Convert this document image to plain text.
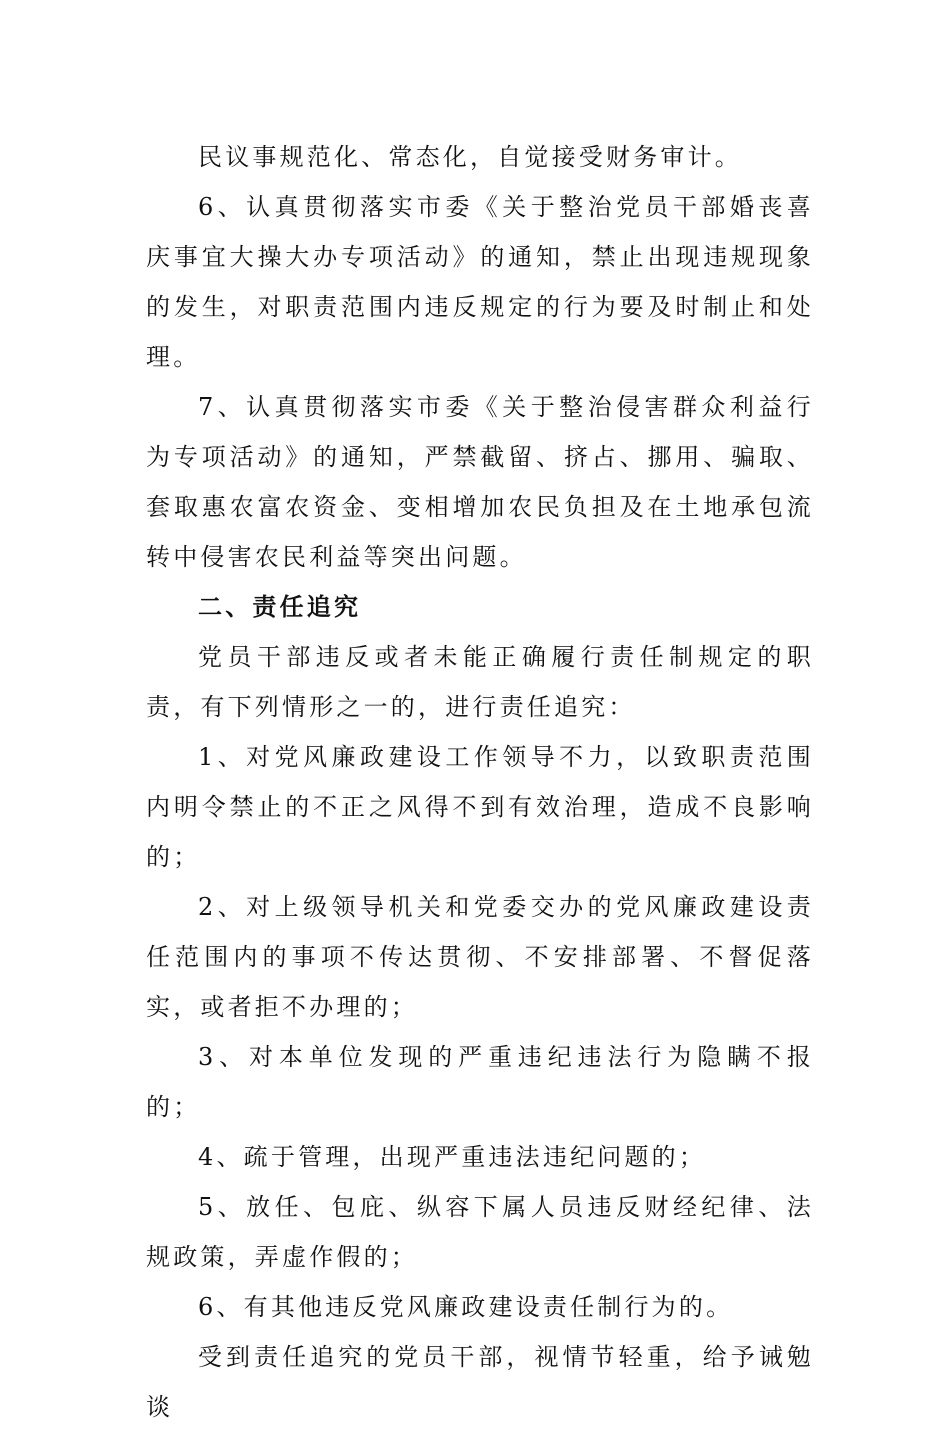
民议事规范化、常态化，自觉接受财务审计。

6、认真贯彻落实市委《关于整治党员干部婚丧喜庆事宜大操大办专项活动》的通知，禁止出现违规现象的发生，对职责范围内违反规定的行为要及时制止和处理。

7、认真贯彻落实市委《关于整治侵害群众利益行为专项活动》的通知，严禁截留、挤占、挪用、骗取、套取惠农富农资金、变相增加农民负担及在土地承包流转中侵害农民利益等突出问题。

二、责任追究

党员干部违反或者未能正确履行责任制规定的职责，有下列情形之一的，进行责任追究：

1、对党风廉政建设工作领导不力，以致职责范围内明令禁止的不正之风得不到有效治理，造成不良影响的；

2、对上级领导机关和党委交办的党风廉政建设责任范围内的事项不传达贯彻、不安排部署、不督促落实，或者拒不办理的；

3、对本单位发现的严重违纪违法行为隐瞒不报的；

4、疏于管理，出现严重违法违纪问题的；

5、放任、包庇、纵容下属人员违反财经纪律、法规政策，弄虚作假的；

6、有其他违反党风廉政建设责任制行为的。

受到责任追究的党员干部，视情节轻重，给予诫勉谈
